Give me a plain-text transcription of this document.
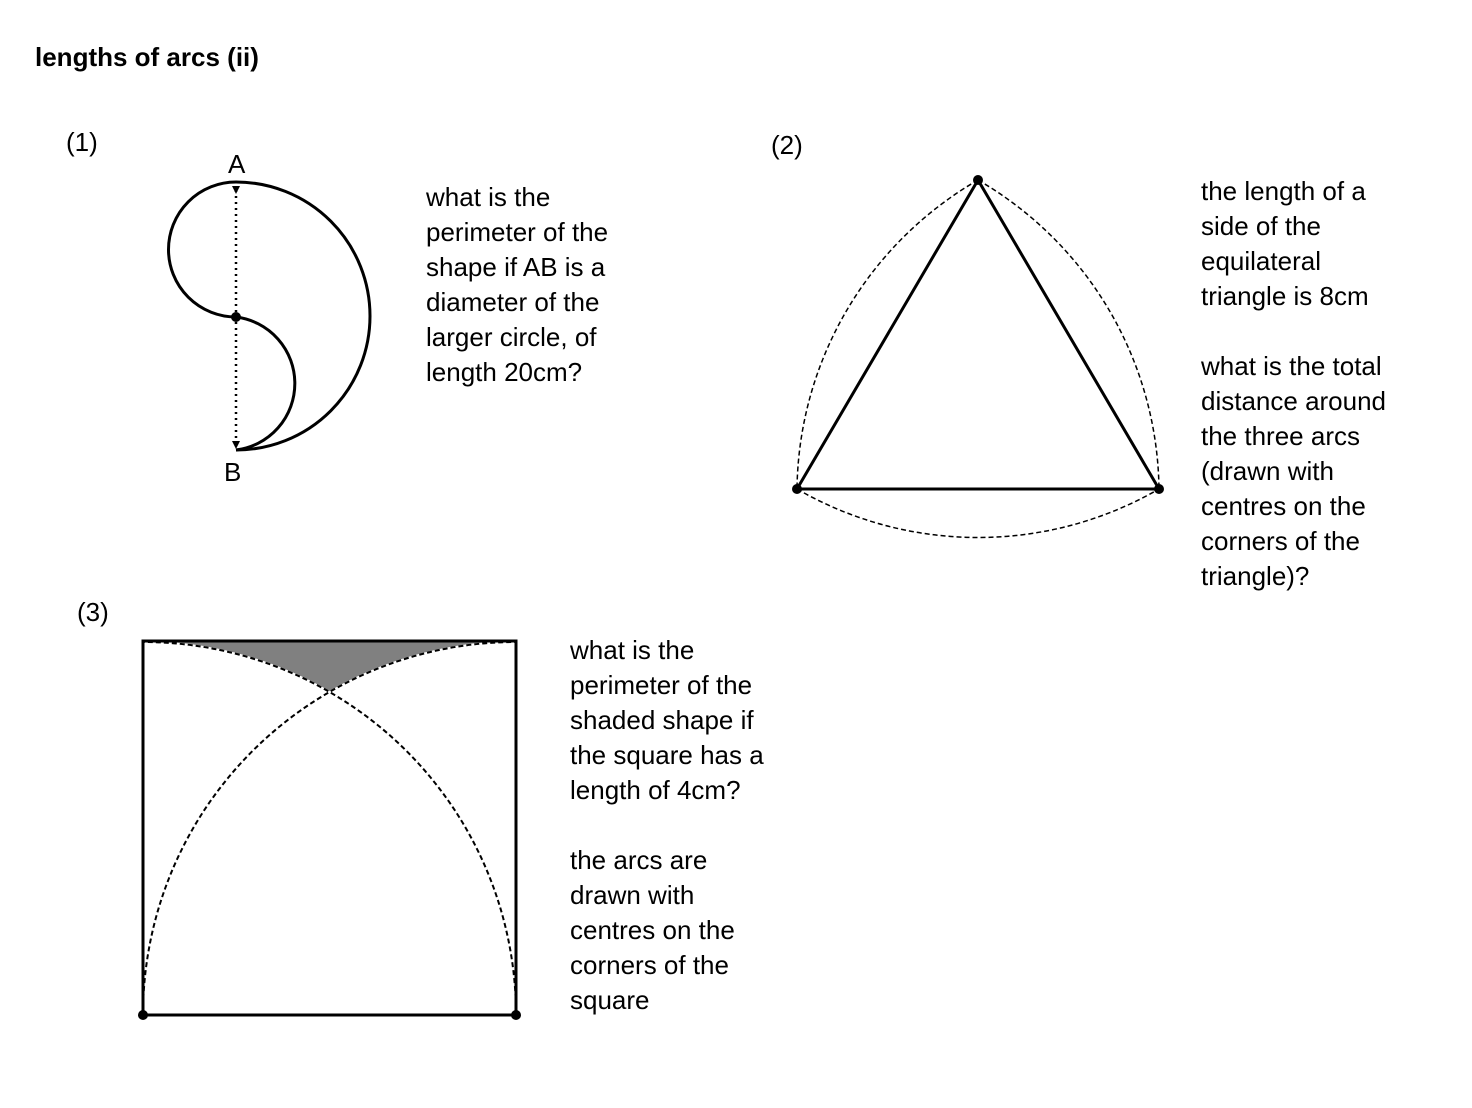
lengths of arcs (ii)
(1)	(2)
(3)
A
B
what is the
perimeter of the
shape if AB is a
diameter of the
larger circle, of
length 20cm?
the length of a
side of the
equilateral
triangle is 8cm
what is the total
distance around
the three arcs
(drawn with
centres on the
corners of the
triangle)?
what is the
perimeter of the
shaded shape if
the square has a
length of 4cm?
the arcs are
drawn with
centres on the
corners of the
square
